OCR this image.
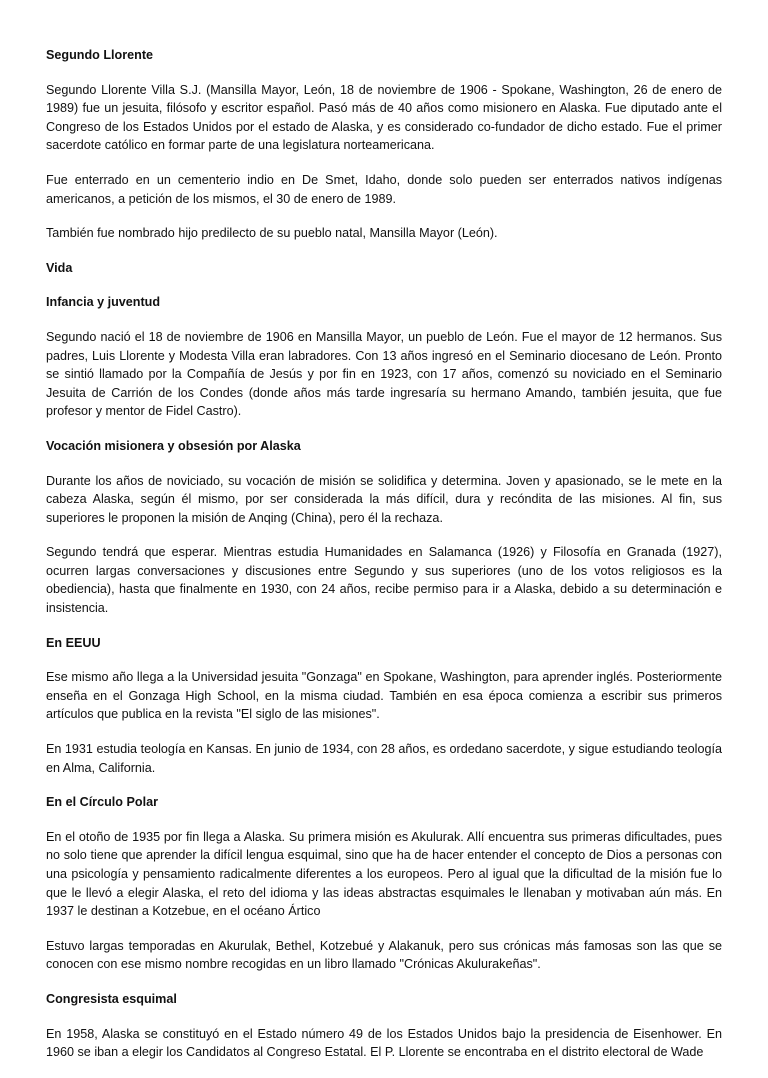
Segundo Llorente

Segundo Llorente Villa S.J. (Mansilla Mayor, León, 18 de noviembre de 1906 - Spokane, Washington, 26 de enero de 1989) fue un jesuita, filósofo y escritor español. Pasó más de 40 años como misionero en Alaska. Fue diputado ante el Congreso de los Estados Unidos por el estado de Alaska, y es considerado co-fundador de dicho estado. Fue el primer sacerdote católico en formar parte de una legislatura norteamericana.

Fue enterrado en un cementerio indio en De Smet, Idaho, donde solo pueden ser enterrados nativos indígenas americanos, a petición de los mismos, el 30 de enero de 1989.

También fue nombrado hijo predilecto de su pueblo natal, Mansilla Mayor (León).

Vida
Infancia y juventud

Segundo nació el 18 de noviembre de 1906 en Mansilla Mayor, un pueblo de León. Fue el mayor de 12 hermanos. Sus padres, Luis Llorente y Modesta Villa eran labradores. Con 13 años ingresó en el Seminario diocesano de León. Pronto se sintió llamado por la Compañía de Jesús y por fin en 1923, con 17 años, comenzó su noviciado en el Seminario Jesuita de Carrión de los Condes (donde años más tarde ingresaría su hermano Amando, también jesuita, que fue profesor y mentor de Fidel Castro).

Vocación misionera y obsesión por Alaska

Durante los años de noviciado, su vocación de misión se solidifica y determina. Joven y apasionado, se le mete en la cabeza Alaska, según él mismo, por ser considerada la más difícil, dura y recóndita de las misiones. Al fin, sus superiores le proponen la misión de Anqing (China), pero él la rechaza.

Segundo tendrá que esperar. Mientras estudia Humanidades en Salamanca (1926) y Filosofía en Granada (1927), ocurren largas conversaciones y discusiones entre Segundo y sus superiores (uno de los votos religiosos es la obediencia), hasta que finalmente en 1930, con 24 años, recibe permiso para ir a Alaska, debido a su determinación e insistencia.

En EEUU

Ese mismo año llega a la Universidad jesuita "Gonzaga" en Spokane, Washington, para aprender inglés. Posteriormente enseña en el Gonzaga High School, en la misma ciudad. También en esa época comienza a escribir sus primeros artículos que publica en la revista "El siglo de las misiones".

En 1931 estudia teología en Kansas. En junio de 1934, con 28 años, es ordedano sacerdote, y sigue estudiando teología en Alma, California.

En el Círculo Polar

En el otoño de 1935 por fin llega a Alaska. Su primera misión es Akulurak. Allí encuentra sus primeras dificultades, pues no solo tiene que aprender la difícil lengua esquimal, sino que ha de hacer entender el concepto de Dios a personas con una psicología y pensamiento radicalmente diferentes a los europeos. Pero al igual que la dificultad de la misión fue lo que le llevó a elegir Alaska, el reto del idioma y las ideas abstractas esquimales le llenaban y motivaban aún más. En 1937 le destinan a Kotzebue, en el océano Ártico

Estuvo largas temporadas en Akurulak, Bethel, Kotzebué y Alakanuk, pero sus crónicas más famosas son las que se conocen con ese mismo nombre recogidas en un libro llamado "Crónicas Akulurakeñas".

Congresista esquimal

En 1958, Alaska se constituyó en el Estado número 49 de los Estados Unidos bajo la presidencia de Eisenhower. En 1960 se iban a elegir los Candidatos al Congreso Estatal. El P. Llorente se encontraba en el distrito electoral de Wade
